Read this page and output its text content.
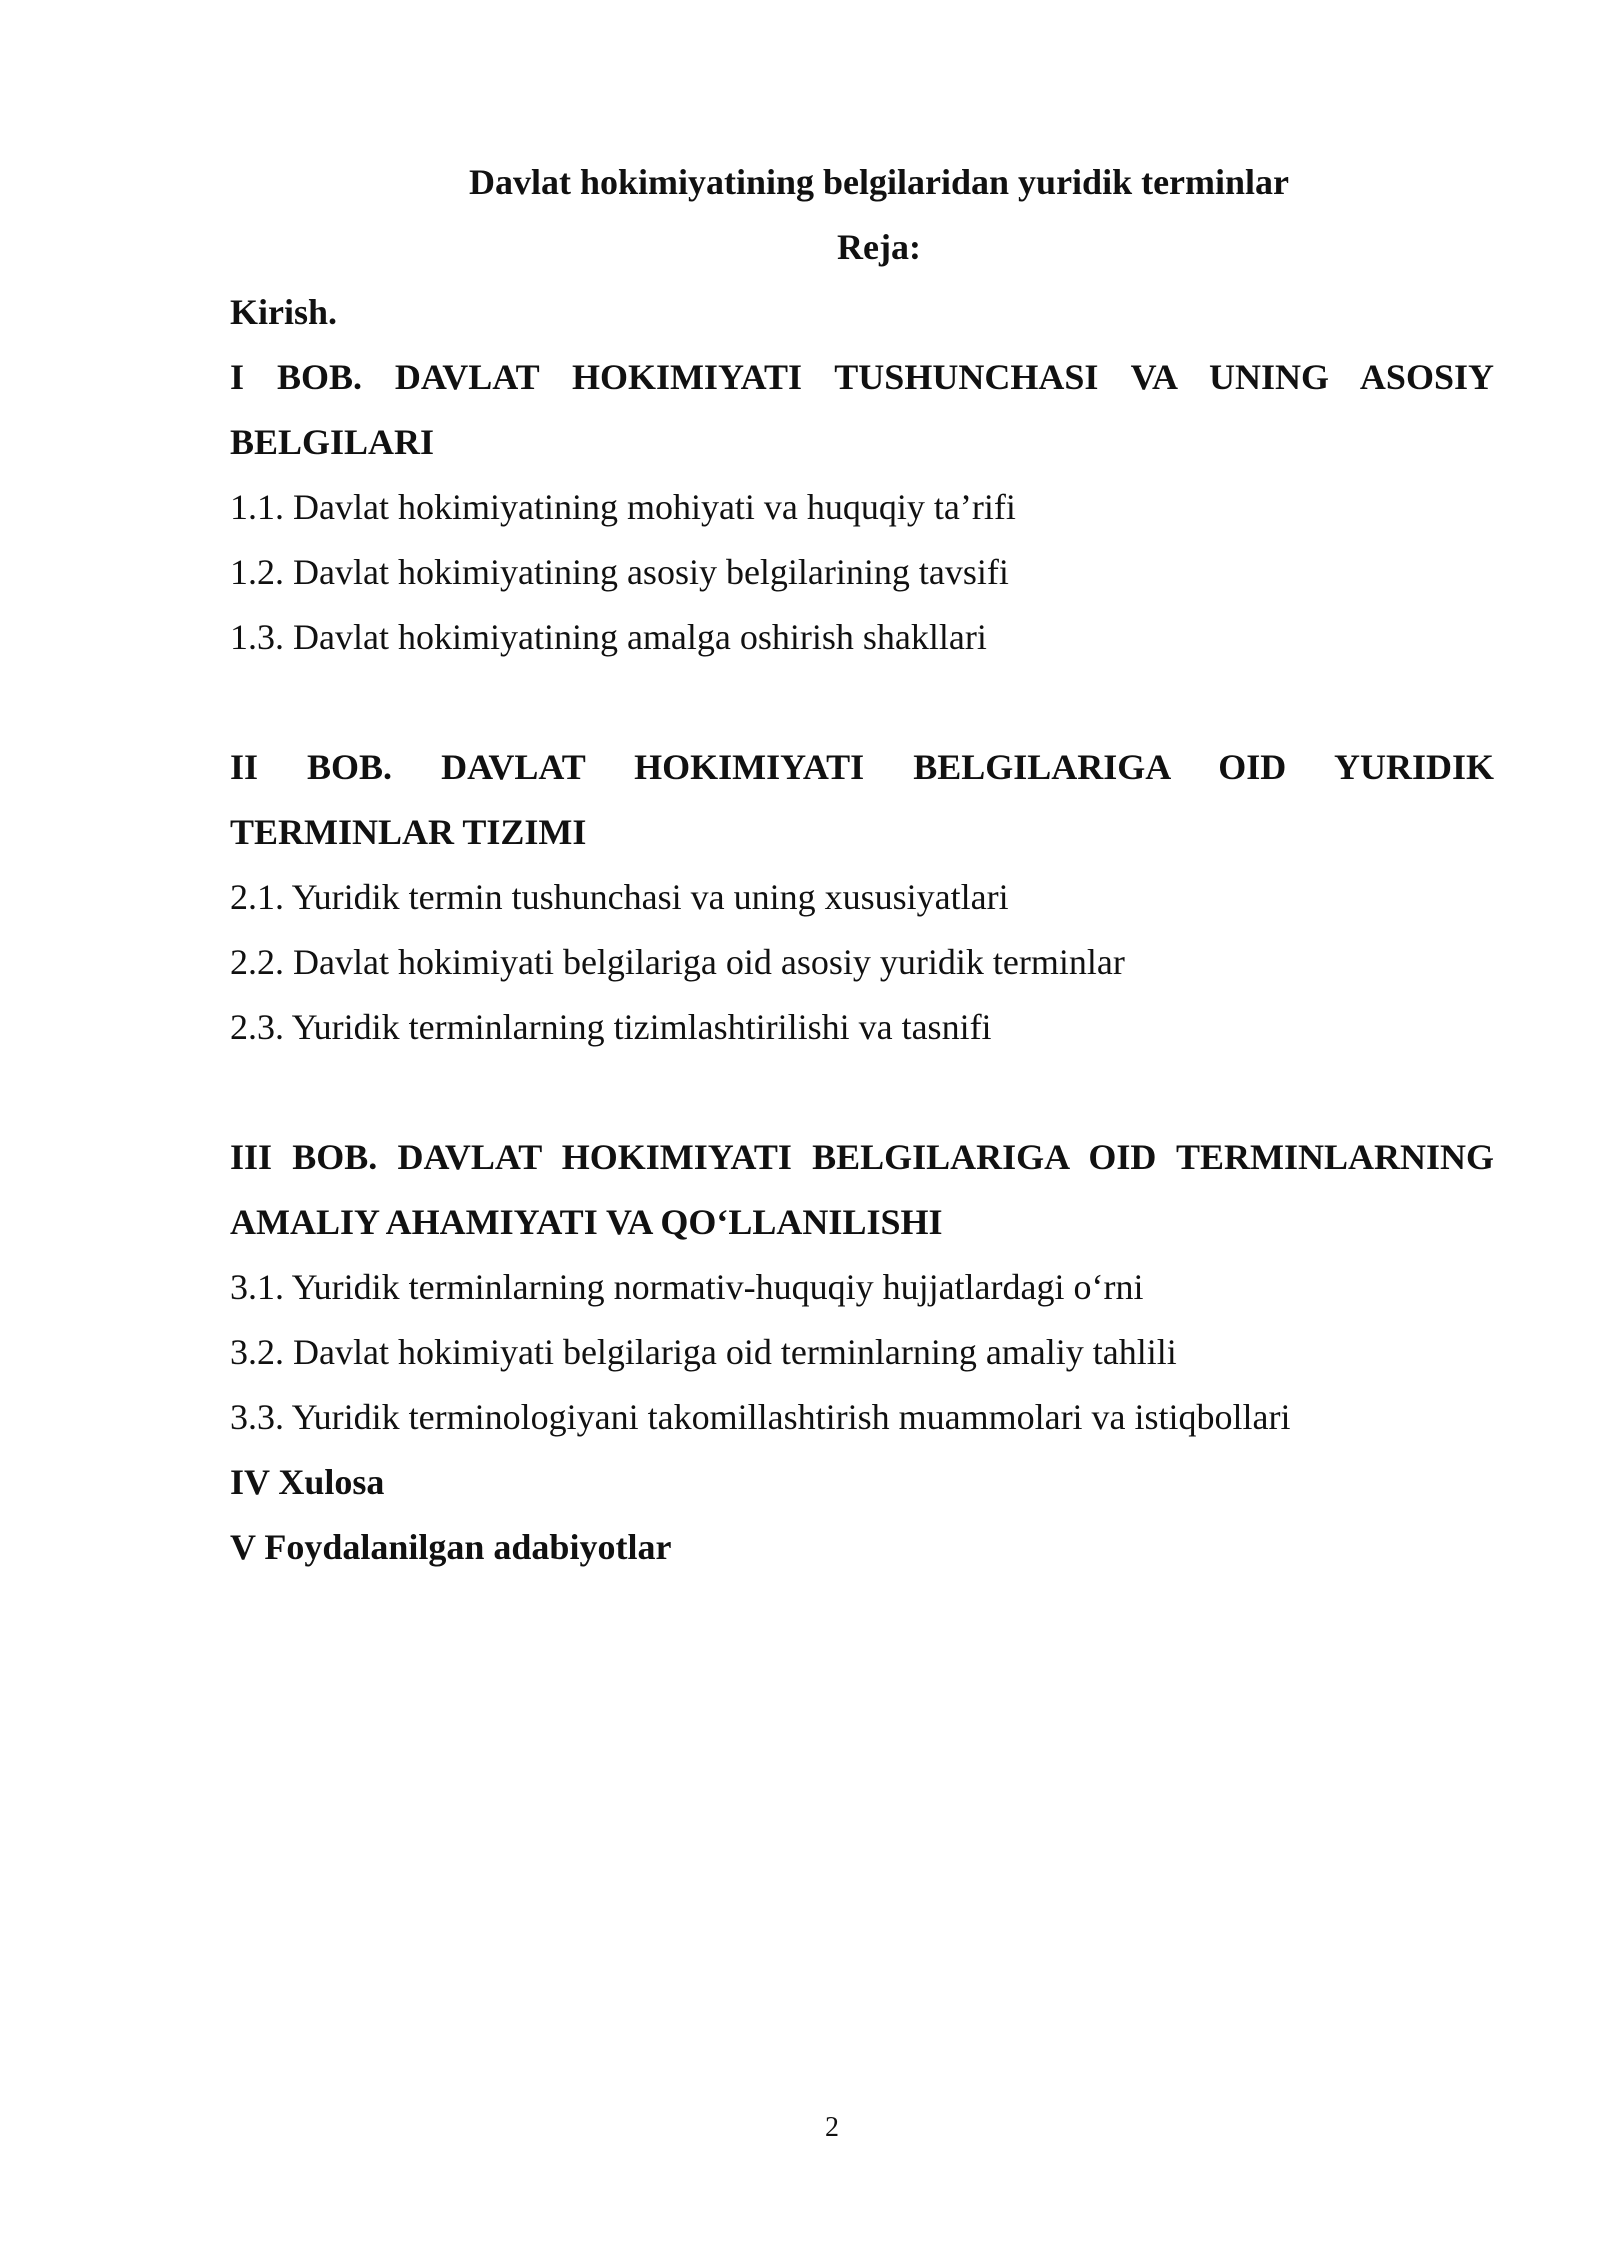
Davlat hokimiyatining belgilaridan yuridik terminlar
Reja:
Kirish.
I BOB. DAVLAT HOKIMIYATI TUSHUNCHASI VA UNING ASOSIY
BELGILARI
1.1. Davlat hokimiyatining mohiyati va huquqiy ta’rifi
1.2. Davlat hokimiyatining asosiy belgilarining tavsifi
1.3. Davlat hokimiyatining amalga oshirish shakllari
II BOB. DAVLAT HOKIMIYATI BELGILARIGA OID YURIDIK
TERMINLAR TIZIMI
2.1. Yuridik termin tushunchasi va uning xususiyatlari
2.2. Davlat hokimiyati belgilariga oid asosiy yuridik terminlar
2.3. Yuridik terminlarning tizimlashtirilishi va tasnifi
III BOB. DAVLAT HOKIMIYATI BELGILARIGA OID TERMINLARNING
AMALIY AHAMIYATI VA QO‘LLANILISHI
3.1. Yuridik terminlarning normativ-huquqiy hujjatlardagi o‘rni
3.2. Davlat hokimiyati belgilariga oid terminlarning amaliy tahlili
3.3. Yuridik terminologiyani takomillashtirish muammolari va istiqbollari
IV Xulosa
V Foydalanilgan adabiyotlar
2
